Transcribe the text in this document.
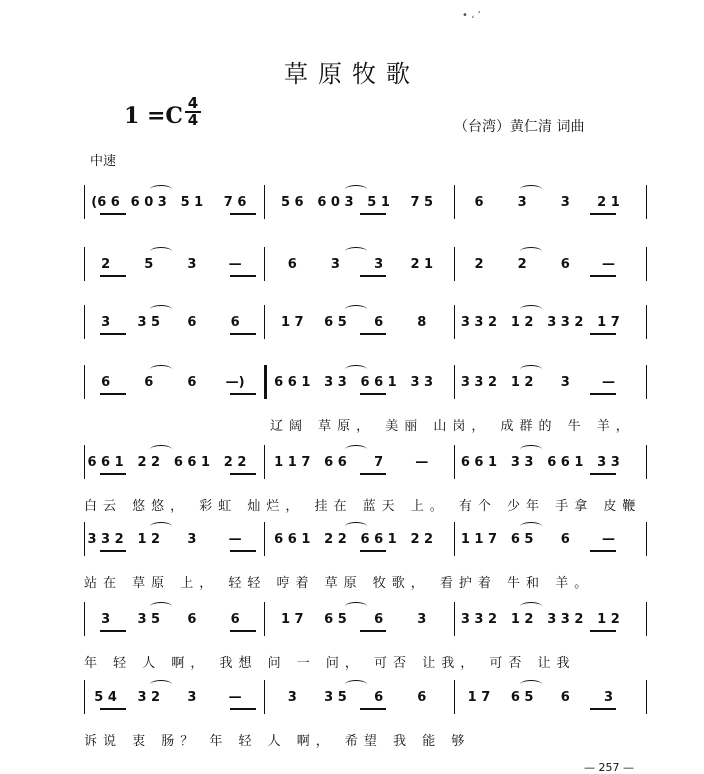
• ، ’
草原牧歌
$1 =C \frac{4}{4}$	（台湾）黄仁清 词曲
中速
(6 6 6 0 3	5 1	7 6	5 6	6 0 3	5 1	7 5	6	3	3	2 1
2	5	3	—	6	3	3	2 1	2	2	6	—
3	3 5	6	6	1 7	6 5	6	8	3 3 2	1 2	3 3 2	1 7
6	6	6	—)	6 6 1	3 3	6 6 1	3 3	3 3 2	1 2	3	—
辽阔 草原， 美丽 山岗， 成群的 牛 羊，
6 6 1	2 2	6 6 1	2 2	1 1 7	6 6	7	—	6 6 1	3 3	6 6 1	3 3
白云 悠悠， 彩虹 灿烂， 挂在 蓝天 上。 有个 少年 手拿 皮鞭
3 3 2	1 2	3	—	6 6 1	2 2	6 6 1	2 2	1 1 7	6 5	6	—
站在 草原 上， 轻轻 哼着 草原 牧歌， 看护着 牛和 羊。
3	3 5	6	6	1 7	6 5	6	3	3 3 2	1 2	3 3 2	1 2
年 轻 人 啊， 我想 问 一 问， 可否 让我， 可否 让我
5 4	3 2	3	—	3	3 5	6	6	1 7	6 5	6	3
诉说 衷 肠？ 年 轻 人 啊， 希望 我 能 够
— 257 —
